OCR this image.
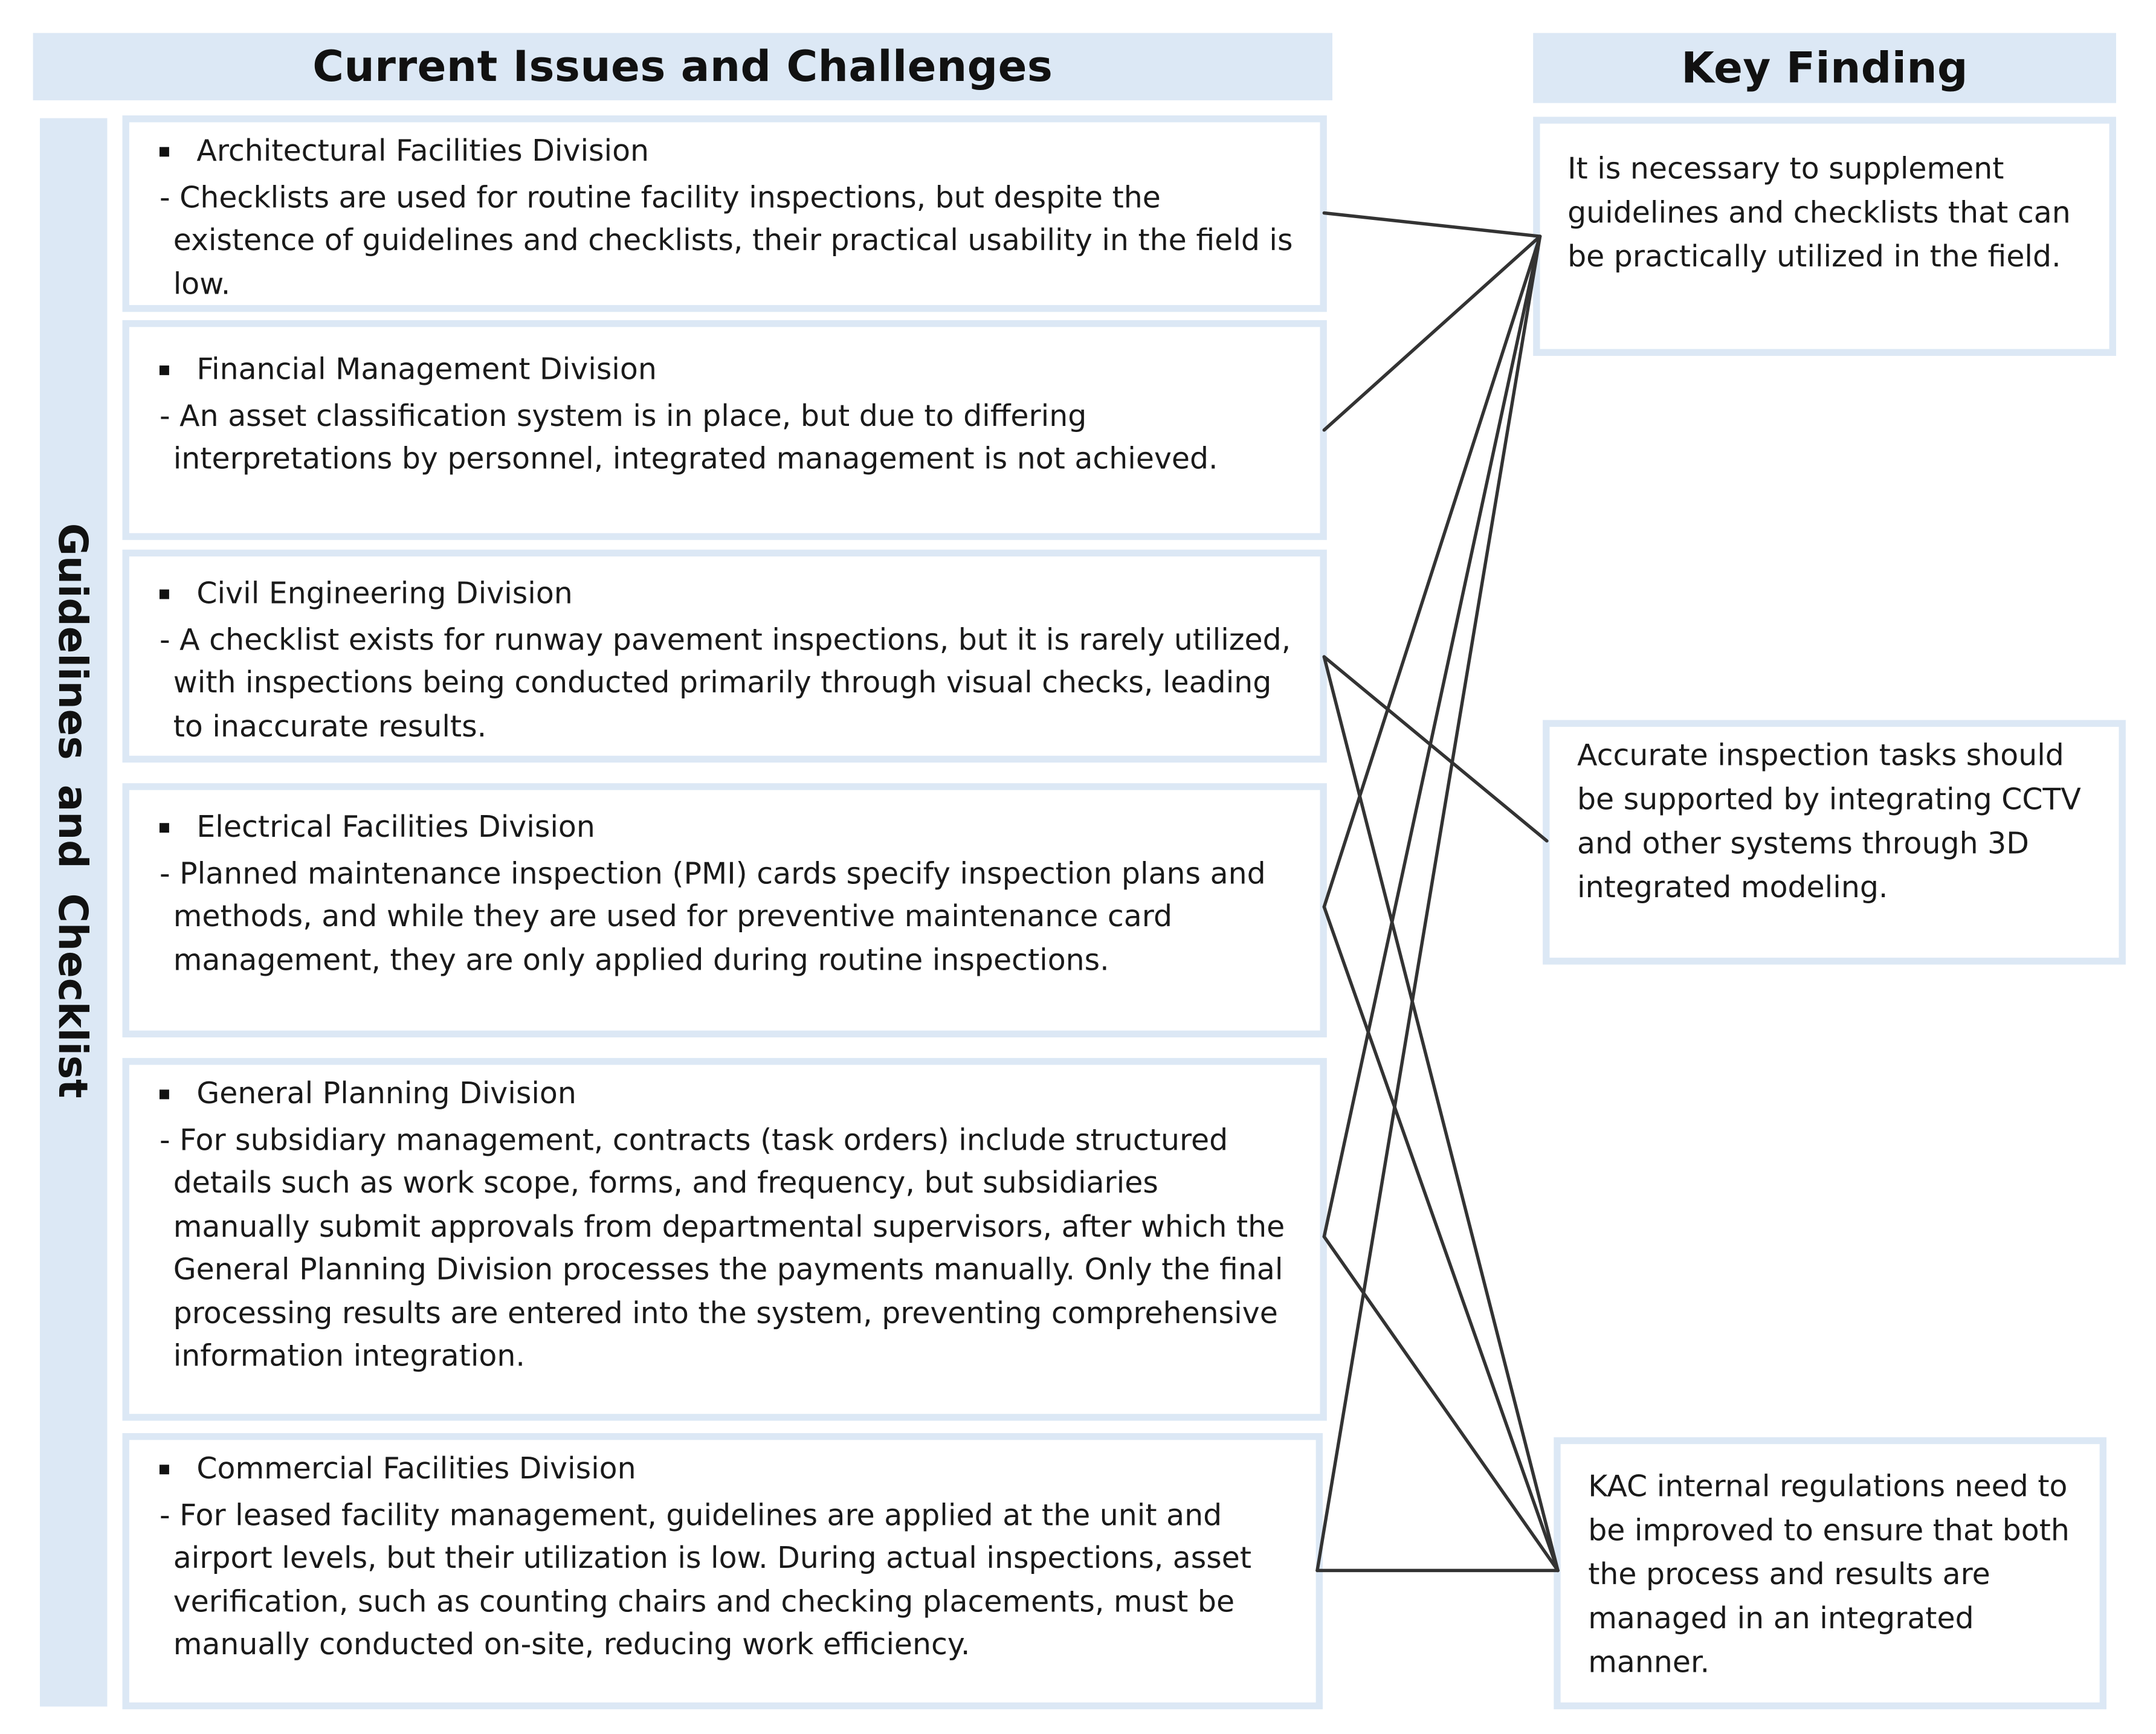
Current Issues and Challenges	Key Finding
Guidelines and Checklist
Architectural Facilities Division
- Checklists are used for routine facility inspections, but despite the existence of guidelines and checklists, their practical usability in the field is low.
Financial Management Division
- An asset classification system is in place, but due to differing interpretations by personnel, integrated management is not achieved.
Civil Engineering Division
- A checklist exists for runway pavement inspections, but it is rarely utilized, with inspections being conducted primarily through visual checks, leading to inaccurate results.
Electrical Facilities Division
- Planned maintenance inspection (PMI) cards specify inspection plans and methods, and while they are used for preventive maintenance card management, they are only applied during routine inspections.
General Planning Division
- For subsidiary management, contracts (task orders) include structured details such as work scope, forms, and frequency, but subsidiaries manually submit approvals from departmental supervisors, after which the General Planning Division processes the payments manually. Only the final processing results are entered into the system, preventing comprehensive information integration.
Commercial Facilities Division
- For leased facility management, guidelines are applied at the unit and airport levels, but their utilization is low. During actual inspections, asset verification, such as counting chairs and checking placements, must be manually conducted on-site, reducing work efficiency.
It is necessary to supplement guidelines and checklists that can be practically utilized in the field.
Accurate inspection tasks should be supported by integrating CCTV and other systems through 3D integrated modeling.
KAC internal regulations need to be improved to ensure that both the process and results are managed in an integrated manner.
